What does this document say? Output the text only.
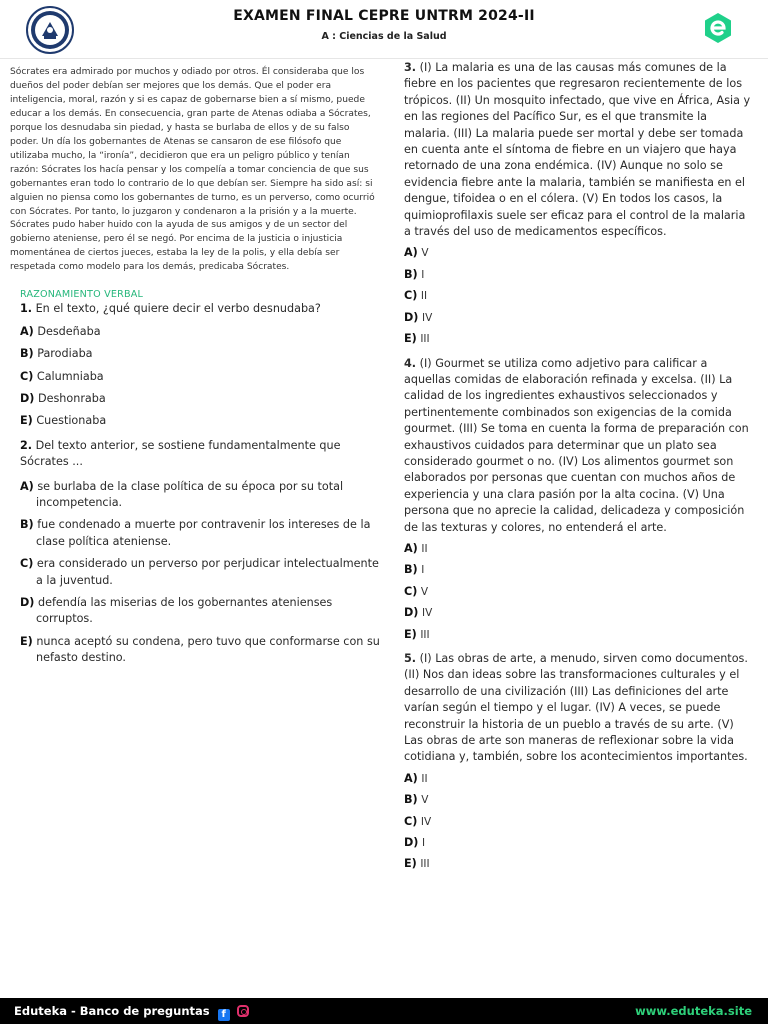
EXAMEN FINAL CEPRE UNTRM 2024-II
A : Ciencias de la Salud

Sócrates era admirado por muchos y odiado por otros. Él consideraba que los dueños del poder debían ser mejores que los demás. Que el poder era inteligencia, moral, razón y si es capaz de gobernarse bien a sí mismo, puede educar a los demás. En consecuencia, gran parte de Atenas odiaba a Sócrates, porque los desnudaba sin piedad, y hasta se burlaba de ellos y de su falso poder. Un día los gobernantes de Atenas se cansaron de ese filósofo que utilizaba mucho, la “ironía”, decidieron que era un peligro público y tenían razón: Sócrates los hacía pensar y los compelía a tomar conciencia de que sus gobernantes eran todo lo contrario de lo que debían ser. Siempre ha sido así: si alguien no piensa como los gobernantes de turno, es un perverso, como ocurrió con Sócrates. Por tanto, lo juzgaron y condenaron a la prisión y a la muerte. Sócrates pudo haber huido con la ayuda de sus amigos y de un sector del gobierno ateniense, pero él se negó. Por encima de la justicia o injusticia momentánea de ciertos jueces, estaba la ley de la polis, y ella debía ser respetada como modelo para los demás, predicaba Sócrates.

RAZONAMIENTO VERBAL
1. En el texto, ¿qué quiere decir el verbo desnudaba?
A) Desdeñaba
B) Parodiaba
C) Calumniaba
D) Deshonraba
E) Cuestionaba
2. Del texto anterior, se sostiene fundamentalmente que Sócrates ...
A) se burlaba de la clase política de su época por su total incompetencia.
B) fue condenado a muerte por contravenir los intereses de la clase política ateniense.
C) era considerado un perverso por perjudicar intelectualmente a la juventud.
D) defendía las miserias de los gobernantes atenienses corruptos.
E) nunca aceptó su condena, pero tuvo que conformarse con su nefasto destino.
3. (I) La malaria es una de las causas más comunes de la fiebre en los pacientes que regresaron recientemente de los trópicos. (II) Un mosquito infectado, que vive en África, Asia y en las regiones del Pacífico Sur, es el que transmite la malaria. (III) La malaria puede ser mortal y debe ser tomada en cuenta ante el síntoma de fiebre en un viajero que haya retornado de una zona endémica. (IV) Aunque no solo se evidencia fiebre ante la malaria, también se manifiesta en el dengue, tifoidea o en el cólera. (V) En todos los casos, la quimioprofilaxis suele ser eficaz para el control de la malaria a través del uso de medicamentos específicos.
A) V
B) I
C) II
D) IV
E) III
4. (I) Gourmet se utiliza como adjetivo para calificar a aquellas comidas de elaboración refinada y excelsa. (II) La calidad de los ingredientes exhaustivos seleccionados y pertinentemente combinados son exigencias de la comida gourmet. (III) Se toma en cuenta la forma de preparación con exhaustivos cuidados para determinar que un plato sea considerado gourmet o no. (IV) Los alimentos gourmet son elaborados por personas que cuentan con muchos años de experiencia y una clara pasión por la alta cocina. (V) Una persona que no aprecie la calidad, delicadeza y composición de las texturas y colores, no entenderá el arte.
A) II
B) I
C) V
D) IV
E) III
5. (I) Las obras de arte, a menudo, sirven como documentos. (II) Nos dan ideas sobre las transformaciones culturales y el desarrollo de una civilización (III) Las definiciones del arte varían según el tiempo y el lugar. (IV) A veces, se puede reconstruir la historia de un pueblo a través de su arte. (V) Las obras de arte son maneras de reflexionar sobre la vida cotidiana y, también, sobre los acontecimientos importantes.
A) II
B) V
C) IV
D) I
E) III
Eduteka - Banco de preguntas f	www.eduteka.site
